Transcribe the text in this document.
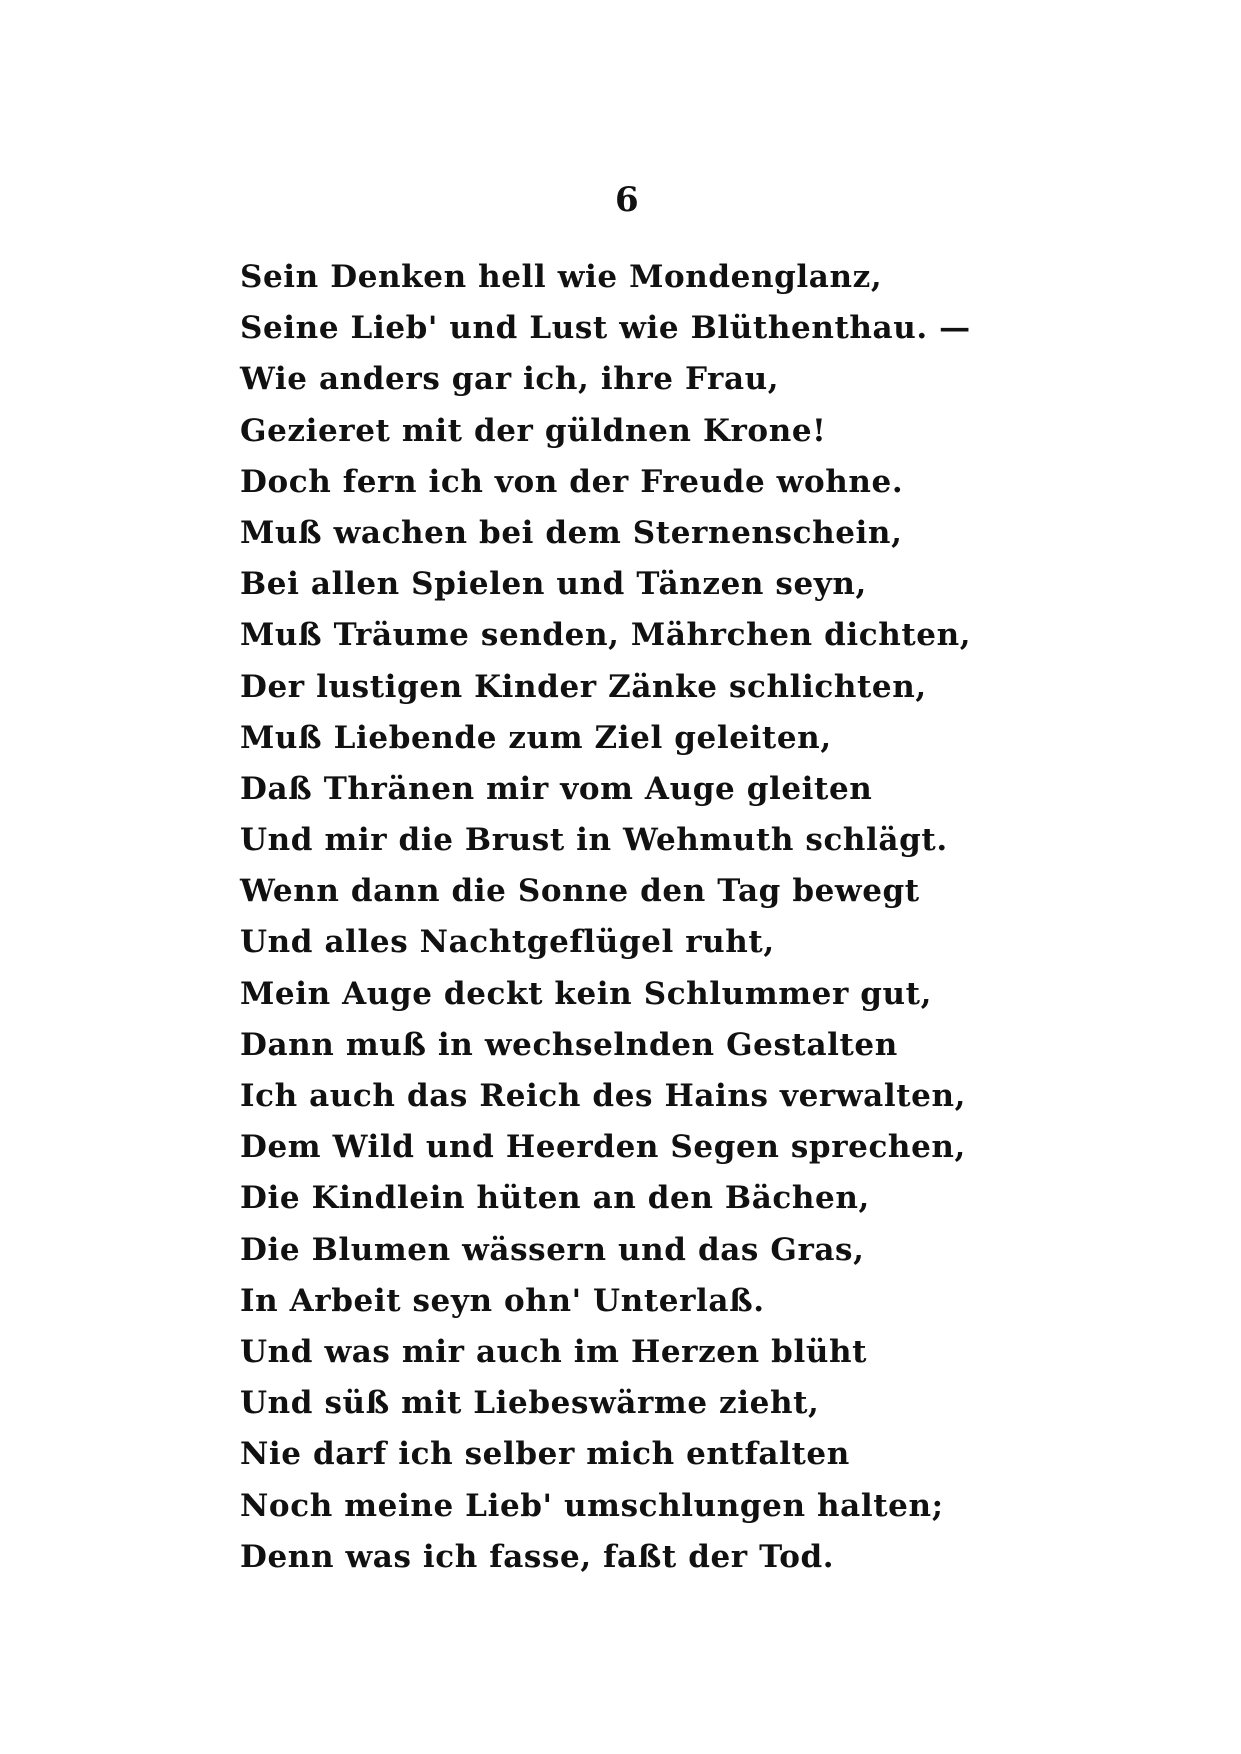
6
Sein Denken hell wie Mondenglanz,
Seine Lieb' und Lust wie Blüthenthau. —
Wie anders gar ich, ihre Frau,
Gezieret mit der güldnen Krone!
Doch fern ich von der Freude wohne.
Muß wachen bei dem Sternenschein,
Bei allen Spielen und Tänzen seyn,
Muß Träume senden, Mährchen dichten,
Der lustigen Kinder Zänke schlichten,
Muß Liebende zum Ziel geleiten,
Daß Thränen mir vom Auge gleiten
Und mir die Brust in Wehmuth schlägt.
Wenn dann die Sonne den Tag bewegt
Und alles Nachtgeflügel ruht,
Mein Auge deckt kein Schlummer gut,
Dann muß in wechselnden Gestalten
Ich auch das Reich des Hains verwalten,
Dem Wild und Heerden Segen sprechen,
Die Kindlein hüten an den Bächen,
Die Blumen wässern und das Gras,
In Arbeit seyn ohn' Unterlaß.
Und was mir auch im Herzen blüht
Und süß mit Liebeswärme zieht,
Nie darf ich selber mich entfalten
Noch meine Lieb' umschlungen halten;
Denn was ich fasse, faßt der Tod.
